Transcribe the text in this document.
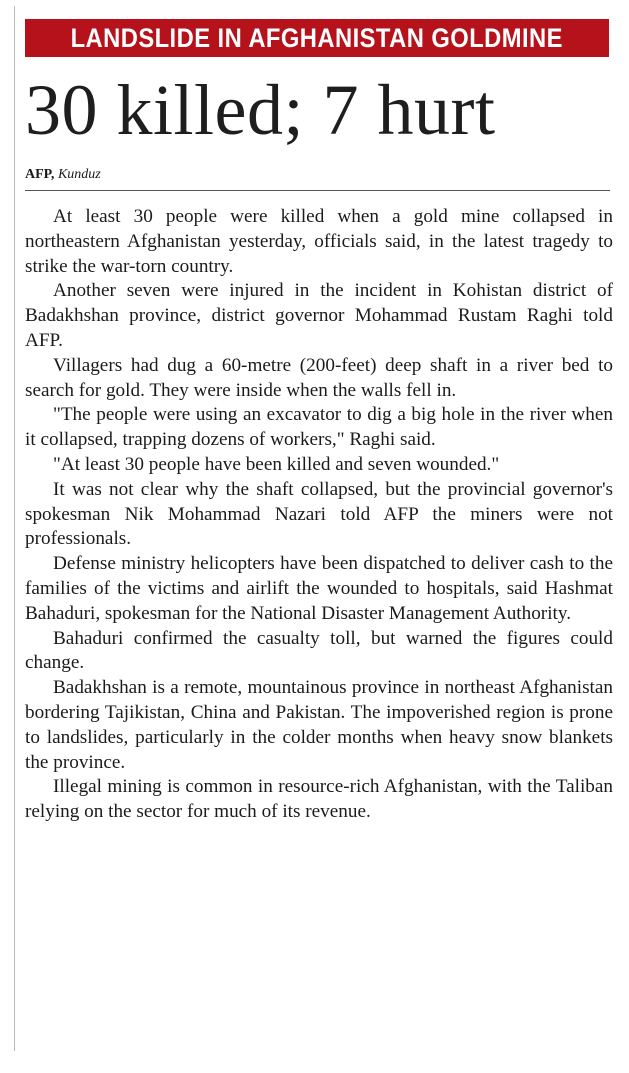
LANDSLIDE IN AFGHANISTAN GOLDMINE
30 killed; 7 hurt
AFP, Kunduz

At least 30 people were killed when a gold mine collapsed in northeastern Afghanistan yesterday, officials said, in the latest tragedy to strike the war-torn country.

Another seven were injured in the incident in Kohistan district of Badakhshan province, district governor Mohammad Rustam Raghi told AFP.

Villagers had dug a 60-metre (200-feet) deep shaft in a river bed to search for gold. They were inside when the walls fell in.

"The people were using an excavator to dig a big hole in the river when it collapsed, trapping dozens of workers," Raghi said.

"At least 30 people have been killed and seven wounded."

It was not clear why the shaft collapsed, but the provincial governor's spokesman Nik Mohammad Nazari told AFP the miners were not professionals.

Defense ministry helicopters have been dispatched to deliver cash to the families of the victims and airlift the wounded to hospitals, said Hashmat Bahaduri, spokesman for the National Disaster Management Authority.

Bahaduri confirmed the casualty toll, but warned the figures could change.

Badakhshan is a remote, mountainous province in northeast Afghanistan bordering Tajikistan, China and Pakistan. The impoverished region is prone to landslides, particularly in the colder months when heavy snow blankets the province.

Illegal mining is common in resource-rich Afghanistan, with the Taliban relying on the sector for much of its revenue.
